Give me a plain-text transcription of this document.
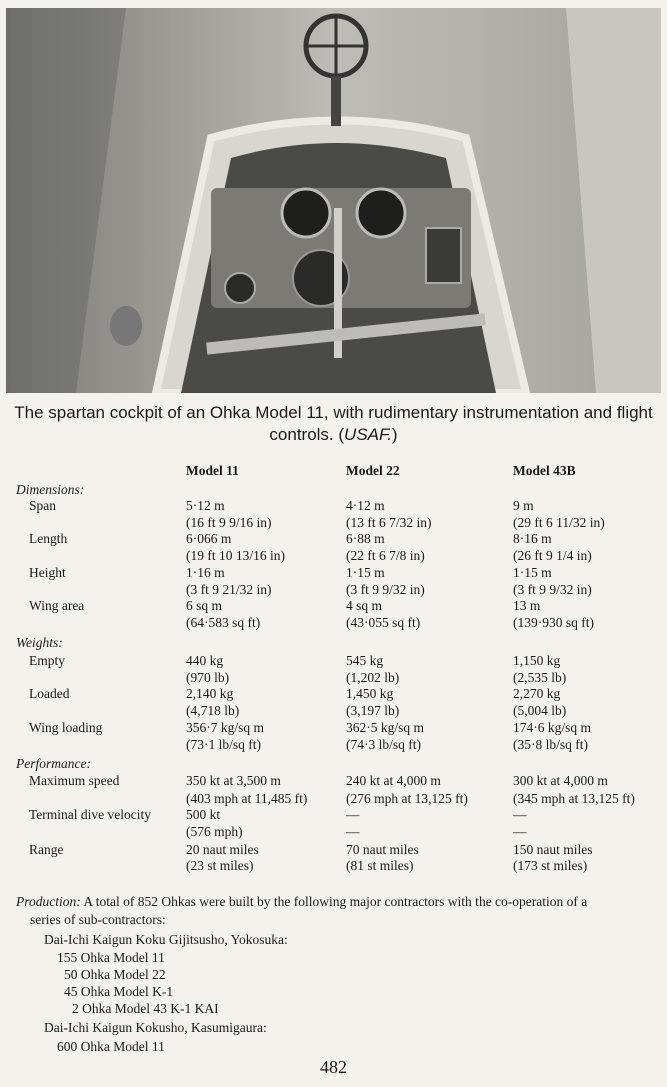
The spartan cockpit of an Ohka Model 11, with rudimentary instrumentation and flight controls. (USAF.)
Model 11	Model 22	Model 43B
Dimensions:
Span	5·12 m	4·12 m	9 m
(16 ft 9 9/16 in)	(13 ft 6 7/32 in)	(29 ft 6 11/32 in)
Length	6·066 m	6·88 m	8·16 m
(19 ft 10 13/16 in)	(22 ft 6 7/8 in)	(26 ft 9 1/4 in)
Height	1·16 m	1·15 m	1·15 m
(3 ft 9 21/32 in)	(3 ft 9 9/32 in)	(3 ft 9 9/32 in)
Wing area	6 sq m	4 sq m	13 m
(64·583 sq ft)	(43·055 sq ft)	(139·930 sq ft)
Weights:
Empty	440 kg	545 kg	1,150 kg
(970 lb)	(1,202 lb)	(2,535 lb)
Loaded	2,140 kg	1,450 kg	2,270 kg
(4,718 lb)	(3,197 lb)	(5,004 lb)
Wing loading	356·7 kg/sq m	362·5 kg/sq m	174·6 kg/sq m
(73·1 lb/sq ft)	(74·3 lb/sq ft)	(35·8 lb/sq ft)
Performance:
Maximum speed	350 kt at 3,500 m	240 kt at 4,000 m	300 kt at 4,000 m
(403 mph at 11,485 ft)	(276 mph at 13,125 ft)	(345 mph at 13,125 ft)
Terminal dive velocity	500 kt	—	—
(576 mph)	—	—
Range	20 naut miles	70 naut miles	150 naut miles
(23 st miles)	(81 st miles)	(173 st miles)
Production: A total of 852 Ohkas were built by the following major contractors with the co-operation of a
series of sub-contractors:
Dai-Ichi Kaigun Koku Gijitsusho, Yokosuka:
155 Ohka Model 11
50 Ohka Model 22
45 Ohka Model K-1
2 Ohka Model 43 K-1 KAI
Dai-Ichi Kaigun Kokusho, Kasumigaura:
600 Ohka Model 11
482
